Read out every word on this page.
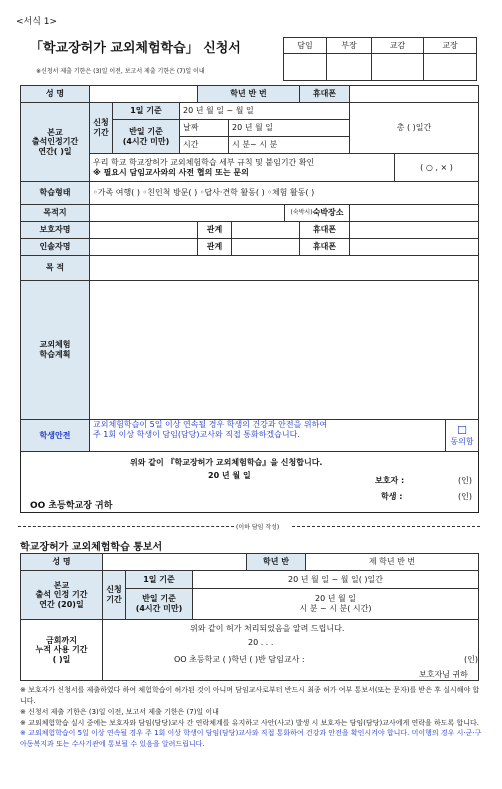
<서식 1>
「학교장허가 교외체험학습」 신청서
※신청서 제출 기한은 (3)일 이전, 보고서 제출 기한은 (7)일 이내
담임	부장	교감	교장
성 명	학년 반 번	휴대폰
본교
출석인정기간
연간( )일
신청
기간
1일 기준	20 년 월 일 ~ 월 일
반일 기준
(4시간 미만)
날짜	20 년 월 일
시간	시 분~ 시 분
총 ( )일간
우리 학교 학교장허가 교외체험학습 세부 규칙 및 붙임기간 확인
※ 필요시 담임교사와의 사전 협의 또는 문의
( ○ , × )
학습형태	◦가족 여행( ) ◦친인척 방문( ) ◦답사·견학 활동( ) ◦체험 활동( )
목적지	(숙박시) 숙박장소
보호자명	관계	휴대폰
인솔자명	관계	휴대폰
목 적
교외체험
학습계획
학생안전
교외체험학습이 5일 이상 연속될 경우 학생의 건강과 안전을 위하여
주 1회 이상 학생이 담임(담당)교사와 직접 통화하겠습니다.	☐
동의함
위와 같이 『학교장허가 교외체험학습』을 신청합니다.
20 년 월 일
보호자 :	(인)
학생 :	(인)
OO 초등학교장 귀하
(이하 담임 작성)
학교장허가 교외체험학습 통보서
성 명	학년 반	제 학년 반 번
본교
출석 인정 기간
연간 (20)일
신청
기간
1일 기준	20 년 월 일 ~ 월 일( )일간
반일 기준
(4시간 미만)
20 년 월 일
시 분 ~ 시 분( 시간)
금회까지
누적 사용 기간
( )일
위와 같이 허가 처리되었음을 알려 드립니다.
20 . . .
OO 초등학교 ( )학년 ( )반 담임교사 :	(인)
보호자님 귀하
※ 보호자가 신청서를 제출하였다 하여 체험학습이 허가된 것이 아니며 담임교사로부터 반드시 최종 허가 여부 통보서(또는 문자)를 받은 후 실시해야 합니다.
※ 신청서 제출 기한은 (3)일 이전, 보고서 제출 기한은 (7)일 이내
※ 교외체험학습 실시 중에는 보호자와 담임(담당)교사 간 연락체계를 유지하고 사안(사고) 발생 시 보호자는 담임(담당)교사에게 연락을 하도록 합니다.
※ 교외체험학습이 5일 이상 연속될 경우 주 1회 이상 학생이 담임(담당)교사와 직접 통화하여 건강과 안전을 확인시켜야 합니다. 미이행의 경우 시·군·구 아동복지과 또는 수사기관에 통보될 수 있음을 알려드립니다.
